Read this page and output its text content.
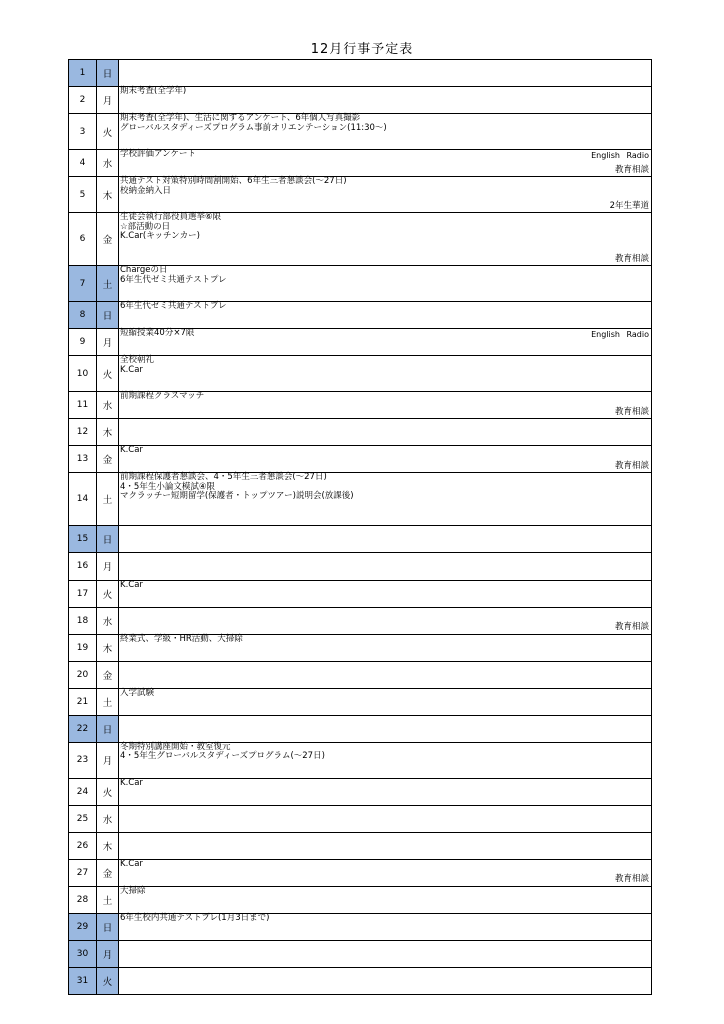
12月行事予定表
1	日	

2	月	期末考査(全学年)

3	火	期末考査(全学年)、生活に関するアンケート、6年個人写真撮影
グローバルスタディーズプログラム事前オリエンテーション(11:30～)

4	水	学校評価アンケート English Radio
教育相談

5	木	共通テスト対策特別時間割開始、6年生三者懇談会(～27日)
校納金納入日
2年生華道

6	金	生徒会執行部役員選挙⑥限
☆部活動の日
K.Car(キッチンカー)
教育相談

7	土	Chargeの日
6年生代ゼミ共通テストプレ

8	日	6年生代ゼミ共通テストプレ

9	月	短縮授業40分×7限 English Radio

10	火	全校朝礼
K.Car

11	水	前期課程クラスマッチ
教育相談

12	木	

13	金	K.Car
教育相談

14	土	前期課程保護者懇談会、4・5年生三者懇談会(～27日)
4・5年生小論文模試④限
マクラッチー短期留学(保護者・トップツアー)説明会(放課後)

15	日	

16	月	

17	火	K.Car

18	水	教育相談

19	木	終業式、学級・HR活動、大掃除

20	金	

21	土	入学試験

22	日	

23	月	冬期特別講座開始・教室復元
4・5年生グローバルスタディーズプログラム(～27日)

24	火	K.Car

25	水	

26	木	

27	金	K.Car
教育相談

28	土	大掃除

29	日	6年生校内共通テストプレ(1月3日まで)

30	月	

31	火	
